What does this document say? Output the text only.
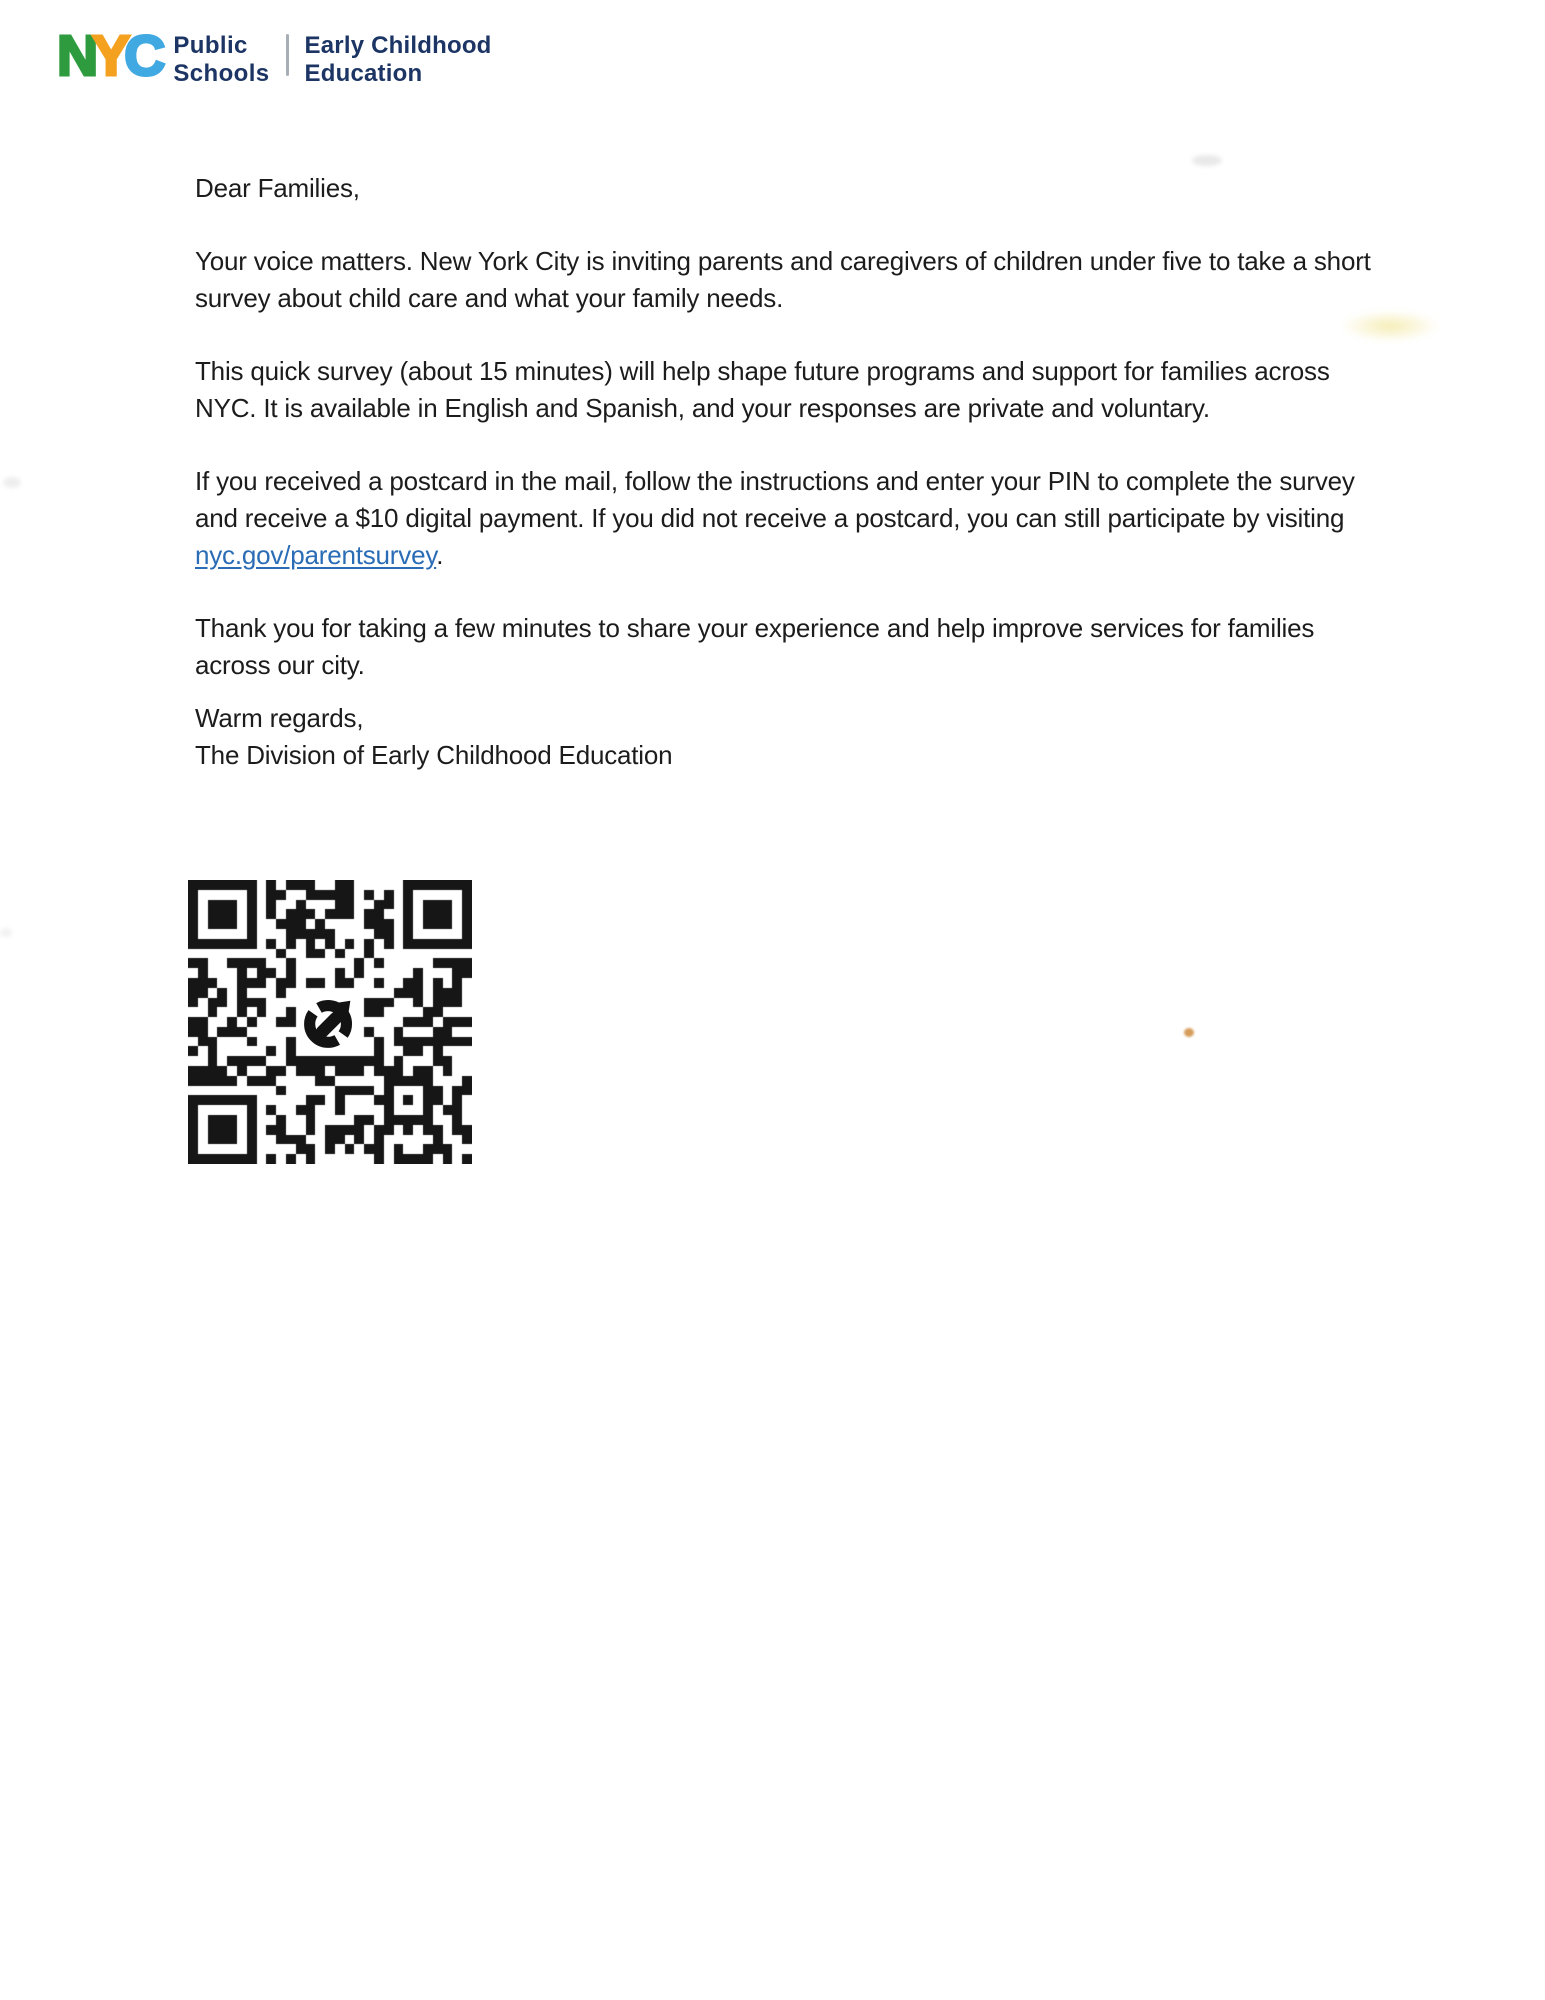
N Y C Public
Schools
Early Childhood
Education

Dear Families,

Your voice matters. New York City is inviting parents and caregivers of children under five to take a short survey about child care and what your family needs.

This quick survey (about 15 minutes) will help shape future programs and support for families across NYC. It is available in English and Spanish, and your responses are private and voluntary.

If you received a postcard in the mail, follow the instructions and enter your PIN to complete the survey and receive a $10 digital payment. If you did not receive a postcard, you can still participate by visiting nyc.gov/parentsurvey.

Thank you for taking a few minutes to share your experience and help improve services for families across our city.

Warm regards,
The Division of Early Childhood Education
